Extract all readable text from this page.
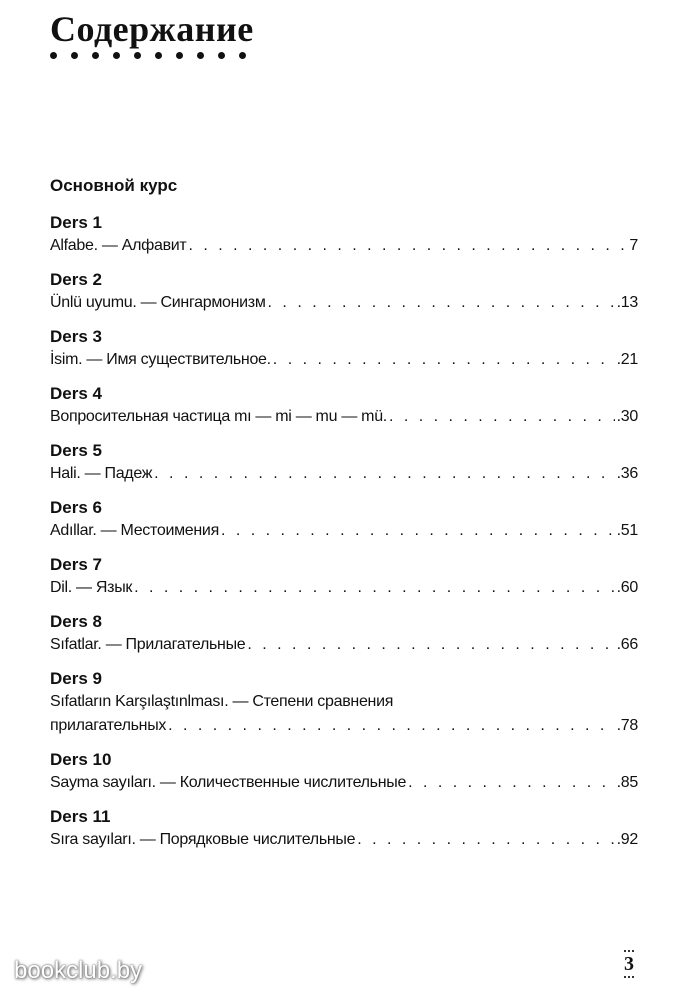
Содержание
Основной курс
Ders 1
Alfabe. — Алфавит . . .	7
Ders 2
Ünlü uyumu. — Сингармонизм . . .	.13
Ders 3
İsim. — Имя существительное. . . .	.21
Ders 4
Вопросительная частица mı — mi — mu — mü. . . .	.30
Ders 5
Hali. — Падеж . . .	.36
Ders 6
Adıllar. — Местоимения . . .	.51
Ders 7
Dil. — Язык . . .	.60
Ders 8
Sıfatlar. — Прилагательные . . .	.66
Ders 9
Sıfatların Karşılaştınlması. — Степени сравнения
прилагательных . . .	.78
Ders 10
Sayma sayıları. — Количественные числительные . . .	.85
Ders 11
Sıra sayıları. — Порядковые числительные . . .	.92
bookclub.by	3
